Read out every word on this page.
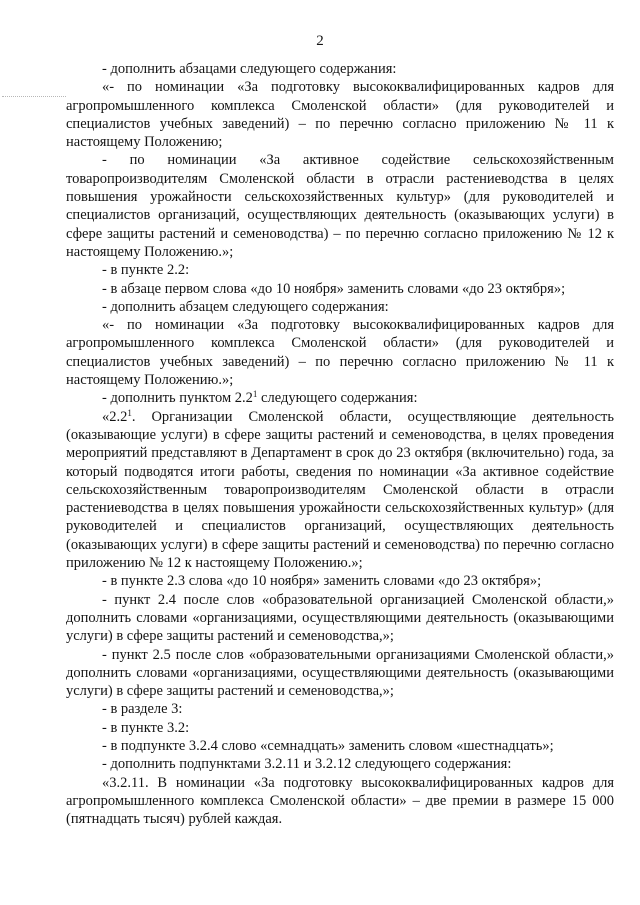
2

- дополнить абзацами следующего содержания:

«- по номинации «За подготовку высококвалифицированных кадров для агропромышленного комплекса Смоленской области» (для руководителей и специалистов учебных заведений) – по перечню согласно приложению № 11 к настоящему Положению;

- по номинации «За активное содействие сельскохозяйственным товаропроизводителям Смоленской области в отрасли растениеводства в целях повышения урожайности сельскохозяйственных культур» (для руководителей и специалистов организаций, осуществляющих деятельность (оказывающих услуги) в сфере защиты растений и семеноводства) – по перечню согласно приложению № 12 к настоящему Положению.»;

- в пункте 2.2:

- в абзаце первом слова «до 10 ноября» заменить словами «до 23 октября»;

- дополнить абзацем следующего содержания:

«- по номинации «За подготовку высококвалифицированных кадров для агропромышленного комплекса Смоленской области» (для руководителей и специалистов учебных заведений) – по перечню согласно приложению № 11 к настоящему Положению.»;

- дополнить пунктом $2.2^1$ следующего содержания:

«$2.2^1$. Организации Смоленской области, осуществляющие деятельность (оказывающие услуги) в сфере защиты растений и семеноводства, в целях проведения мероприятий представляют в Департамент в срок до 23 октября (включительно) года, за который подводятся итоги работы, сведения по номинации «За активное содействие сельскохозяйственным товаропроизводителям Смоленской области в отрасли растениеводства в целях повышения урожайности сельскохозяйственных культур» (для руководителей и специалистов организаций, осуществляющих деятельность (оказывающих услуги) в сфере защиты растений и семеноводства) по перечню согласно приложению № 12 к настоящему Положению.»;

- в пункте 2.3 слова «до 10 ноября» заменить словами «до 23 октября»;

- пункт 2.4 после слов «образовательной организацией Смоленской области,» дополнить словами «организациями, осуществляющими деятельность (оказывающими услуги) в сфере защиты растений и семеноводства,»;

- пункт 2.5 после слов «образовательными организациями Смоленской области,» дополнить словами «организациями, осуществляющими деятельность (оказывающими услуги) в сфере защиты растений и семеноводства,»;

- в разделе 3:

- в пункте 3.2:

- в подпункте 3.2.4 слово «семнадцать» заменить словом «шестнадцать»;

- дополнить подпунктами 3.2.11 и 3.2.12 следующего содержания:

«3.2.11. В номинации «За подготовку высококвалифицированных кадров для агропромышленного комплекса Смоленской области» – две премии в размере 15 000 (пятнадцать тысяч) рублей каждая.
